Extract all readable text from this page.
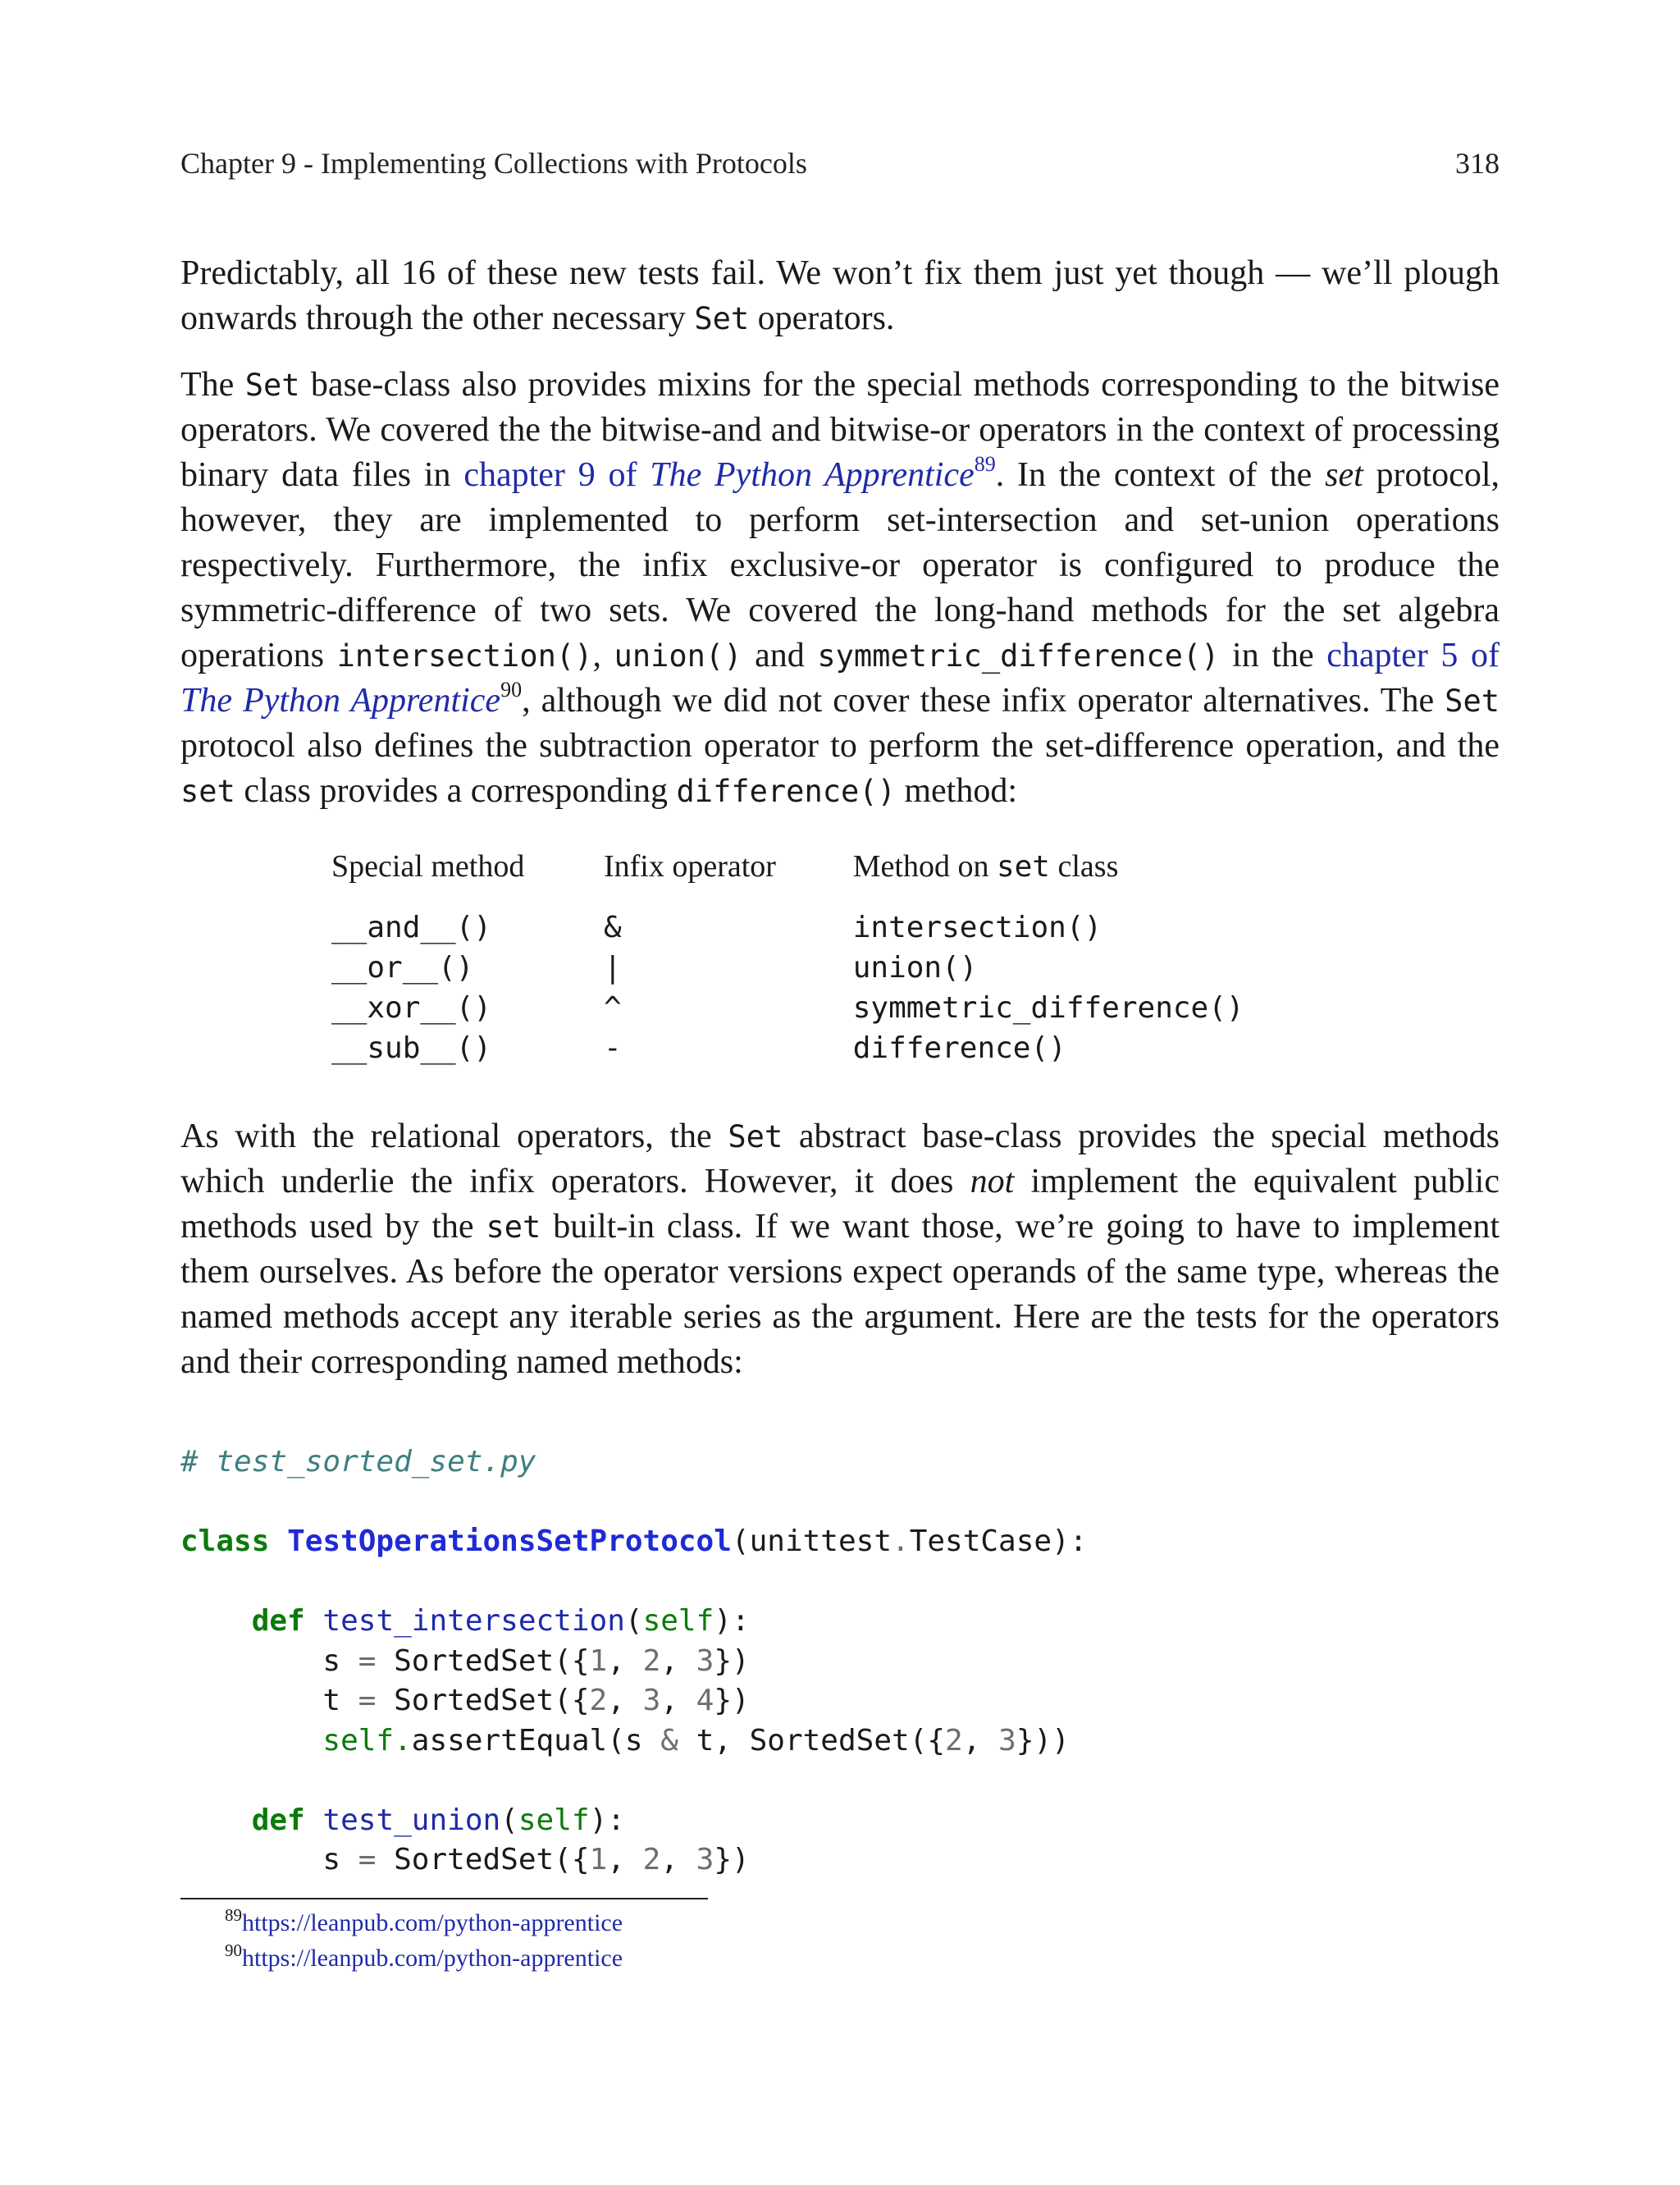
Chapter 9 - Implementing Collections with Protocols	318

Predictably, all 16 of these new tests fail. We won’t fix them just yet though — we’ll plough onwards through the other necessary Set operators.

The Set base-class also provides mixins for the special methods corresponding to the bitwise operators. We covered the the bitwise-and and bitwise-or operators in the context of processing binary data files in chapter 9 of The Python Apprentice$^{89}$. In the context of the set protocol, however, they are implemented to perform set-intersection and set-union operations respectively. Furthermore, the infix exclusive-or operator is configured to produce the symmetric-difference of two sets. We covered the long-hand methods for the set algebra operations intersection(), union() and symmetric_difference() in the chapter 5 of The Python Apprentice$^{90}$, although we did not cover these infix operator alternatives. The Set protocol also defines the subtraction operator to perform the set-difference operation, and the set class provides a corresponding difference() method:

Special method	Infix operator	Method on set class
__and__()	&	intersection()
__or__()	|	union()
__xor__()	^	symmetric_difference()
__sub__()	-	difference()

As with the relational operators, the Set abstract base-class provides the special methods which underlie the infix operators. However, it does not implement the equivalent public methods used by the set built-in class. If we want those, we’re going to have to implement them ourselves. As before the operator versions expect operands of the same type, whereas the named methods accept any iterable series as the argument. Here are the tests for the operators and their corresponding named methods:

# test_sorted_set.py
class TestOperationsSetProtocol(unittest.TestCase):
def test_intersection(self):
s = SortedSet({1, 2, 3})
t = SortedSet({2, 3, 4})
self.assertEqual(s & t, SortedSet({2, 3}))
def test_union(self):
s = SortedSet({1, 2, 3})
$^{89}$https://leanpub.com/python-apprentice
$^{90}$https://leanpub.com/python-apprentice
